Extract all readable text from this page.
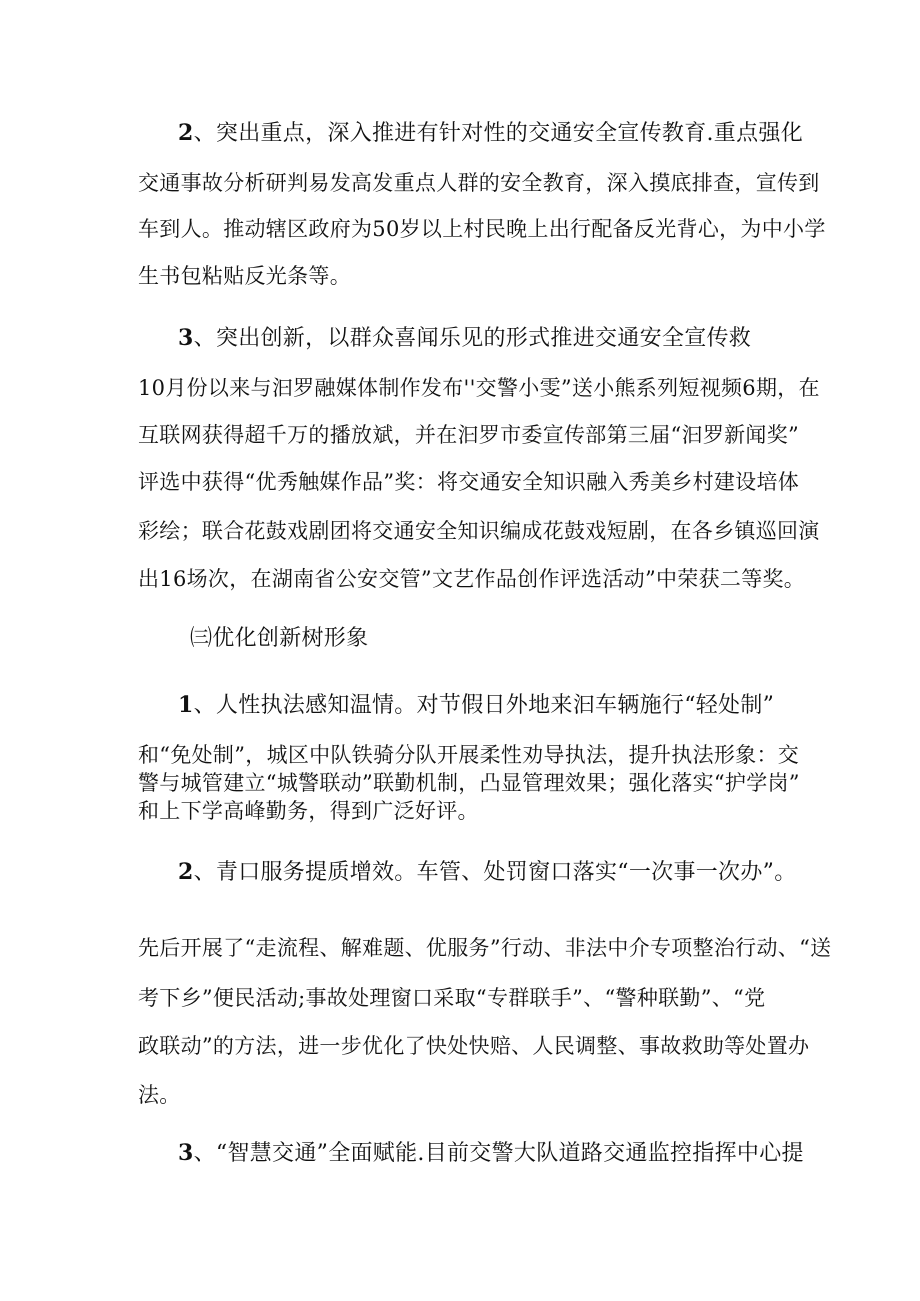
2、突出重点，深入推进有针对性的交通安全宣传教育.重点强化
交通事故分析研判易发高发重点人群的安全教育，深入摸底排查，宣传到
车到人。推动辖区政府为50岁以上村民晚上出行配备反光背心，为中小学
生书包粘贴反光条等。
3、突出创新，以群众喜闻乐见的形式推进交通安全宣传救
10月份以来与汩罗融媒体制作发布''交警小雯”送小熊系列短视频6期，在
互联网获得超千万的播放斌，并在汩罗市委宣传部第三届“汩罗新闻奖”
评选中获得“优秀触媒作品”奖：将交通安全知识融入秀美乡村建设培体
彩绘；联合花鼓戏剧团将交通安全知识编成花鼓戏短剧，在各乡镇巡回演
出16场次，在湖南省公安交管”文艺作品创作评选活动”中荣获二等奖。
㈢优化创新树形象
1、人性执法感知温情。对节假日外地来汩车辆施行“轻处制”
和“免处制”，城区中队铁骑分队开展柔性劝导执法，提升执法形象：交
警与城管建立“城警联动”联勤机制，凸显管理效果；强化落实“护学岗”
和上下学高峰勤务，得到广泛好评。
2、青口服务提质增效。车管、处罚窗口落实“一次事一次办”。
先后开展了“走流程、解难题、优服务”行动、非法中介专项整治行动、“送
考下乡”便民活动;事故处理窗口采取“专群联手”、“警种联勤”、“党
政联动”的方法，进一步优化了快处快赔、人民调整、事故救助等处置办
法。
3、“智慧交通”全面赋能.目前交警大队道路交通监控指挥中心提
